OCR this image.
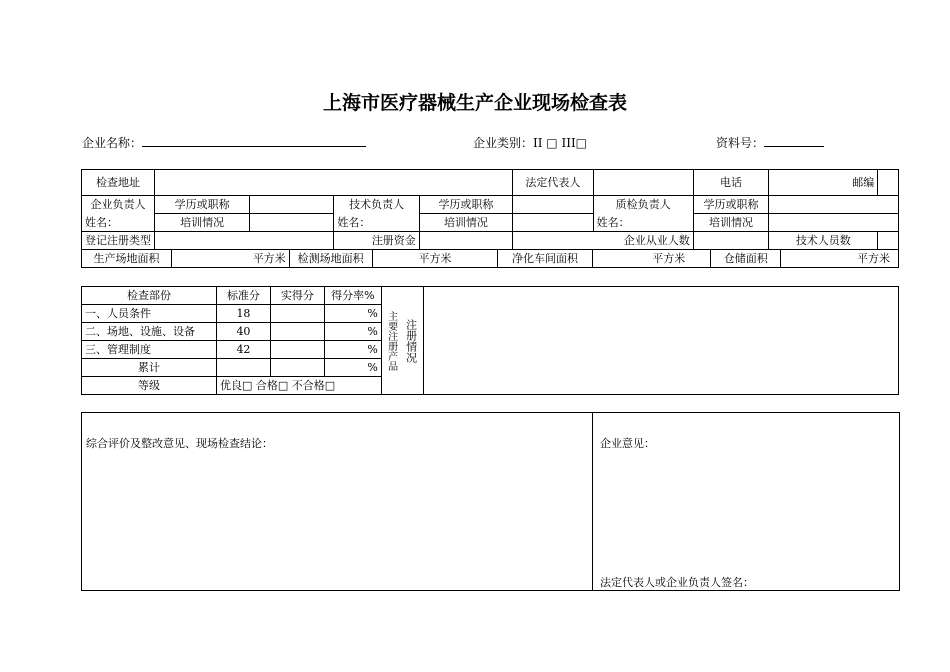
上海市医疗器械生产企业现场检查表
企业名称：	企业类别：II □ III□	资料号：
检查地址					法定代表人		电话	邮编	
企业负责人	学历或职称		技术负责人	学历或职称		质检负责人	学历或职称		
姓名：	培训情况		姓名：	培训情况		姓名：	培训情况		
登记注册类型			注册资金		企业从业人数			技术人员数	
生产场地面积	平方米	检测场地面积	平方米	净化车间面积	平方米	仓储面积	平方米
检查部份	标准分	实得分	得分率%	主要注册产品	注册情况	

一、人员条件	18		%			
二、场地、设施、设备	40		%			
三、管理制度	42		%			
累计			%			
等级	优良□ 合格□ 不合格□					
综合评价及整改意见、现场检查结论：	企业意见：
法定代表人或企业负责人签名：
